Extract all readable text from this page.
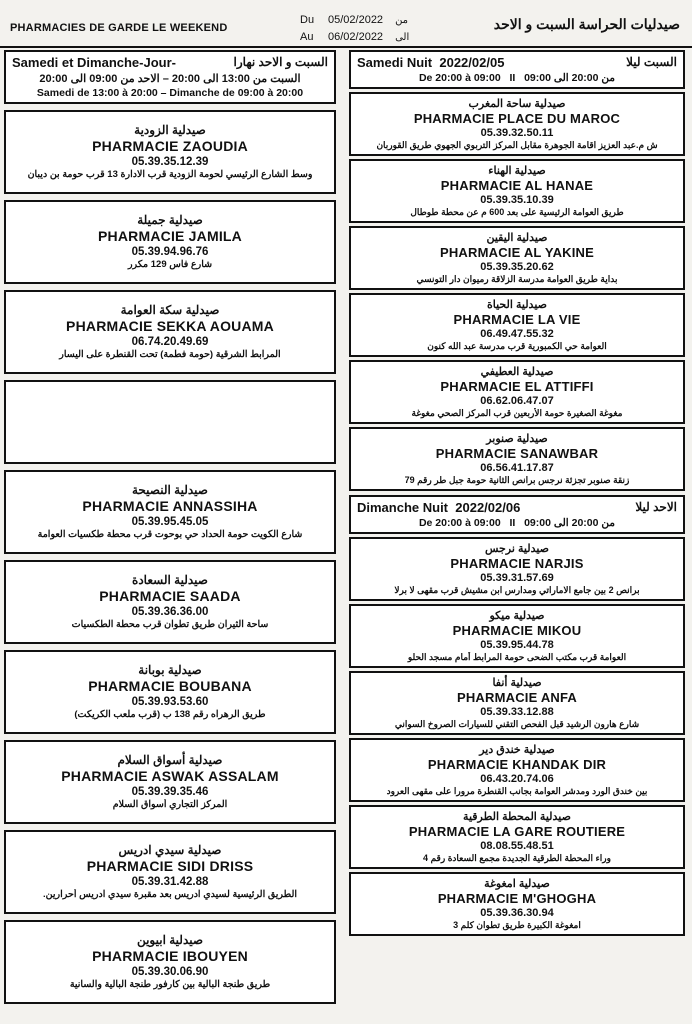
PHARMACIES DE GARDE LE WEEKEND
Du	05/02/2022 من
Au	06/02/2022 الى
صيدليات الحراسة السبت و الاحد
Samedi et Dimanche-Jour-	السبت و الاحد نهارا
السبت من 13:00 الى 20:00 – الاحد من 09:00 الى 20:00
Samedi de 13:00 à 20:00 – Dimanche de 09:00 à 20:00
صيدلية الزودية
PHARMACIE ZAOUDIA
05.39.35.12.39
وسط الشارع الرئيسي لحومة الزودية قرب الادارة 13 قرب حومة بن ديبان
صيدلية جميلة
PHARMACIE JAMILA
05.39.94.96.76
شارع فاس 129 مكرر
صيدلية سكة العوامة
PHARMACIE SEKKA AOUAMA
06.74.20.49.69
المرابط الشرقية (حومة فطمة) تحت القنطرة على اليسار
صيدلية النصيحة
PHARMACIE ANNASSIHA
05.39.95.45.05
شارع الكويت حومة الحداد حي بوحوت قرب محطة طكسيات العوامة
صيدلية السعادة
PHARMACIE SAADA
05.39.36.36.00
ساحة الثيران طريق تطوان قرب محطة الطكسيات
صيدلية بوبانة
PHARMACIE BOUBANA
05.39.93.53.60
طريق الرهراه رقم 138 ب (قرب ملعب الكريكت)
صيدلية أسواق السلام
PHARMACIE ASWAK ASSALAM
05.39.39.35.46
المركز التجاري أسواق السلام
صيدلية سيدي ادريس
PHARMACIE SIDI DRISS
05.39.31.42.88
الطريق الرئيسية لسيدي ادريس بعد مقبرة سيدي ادريس أحرارين.
صيدلية ابيوين
PHARMACIE IBOUYEN
05.39.30.06.90
طريق طنجة البالية بين كارفور طنجة البالية والسانية
Samedi Nuit 2022/02/05	السبت ليلا
De 20:00 à 09:00 II من 20:00 الى 09:00
صيدلية ساحة المغرب
PHARMACIE PLACE DU MAROC
05.39.32.50.11
ش م.عبد العزيز اقامة الجوهرة مقابل المركز التربوي الجهوي طريق القوربان
صيدلية الهناء
PHARMACIE AL HANAE
05.39.35.10.39
طريق العوامة الرئيسية على بعد 600 م عن محطة طوطال
صيدلية اليقين
PHARMACIE AL YAKINE
05.39.35.20.62
بداية طريق العوامة مدرسة الزلاقة رميوان دار التونسي
صيدلية الحياة
PHARMACIE LA VIE
06.49.47.55.32
العوامة حي الكمبورية قرب مدرسة عبد الله كنون
صيدلية العطيفي
PHARMACIE EL ATTIFFI
06.62.06.47.07
مغوغة الصغيرة حومة الأربعين قرب المركز الصحي مغوغة
صيدلية صنوبر
PHARMACIE SANAWBAR
06.56.41.17.87
زنقة صنوبر تجزئة نرجس برانص الثانية حومة جبل طر رقم 79
Dimanche Nuit 2022/02/06	الاحد ليلا
De 20:00 à 09:00 II من 20:00 الى 09:00
صيدلية نرجس
PHARMACIE NARJIS
05.39.31.57.69
برانص 2 بين جامع الاماراتي ومدارس ابن مشيش قرب مقهى لا برلا
صيدلية ميكو
PHARMACIE MIKOU
05.39.95.44.78
العوامة قرب مكتب الضحى حومة المرابط أمام مسجد الحلو
صيدلية أنفا
PHARMACIE ANFA
05.39.33.12.88
شارع هارون الرشيد قبل الفحص التقني للسيارات الصروخ السواني
صيدلية خندق دير
PHARMACIE KHANDAK DIR
06.43.20.74.06
بين خندق الورد ومدشر العوامة بجانب القنطرة مرورا على مقهى العرود
صيدلية المحطة الطرقية
PHARMACIE LA GARE ROUTIERE
08.08.55.48.51
وراء المحطة الطرقية الجديدة مجمع السعادة رقم 4
صيدلية امغوغة
PHARMACIE M'GHOGHA
05.39.36.30.94
امغوغة الكبيرة طريق تطوان كلم 3
